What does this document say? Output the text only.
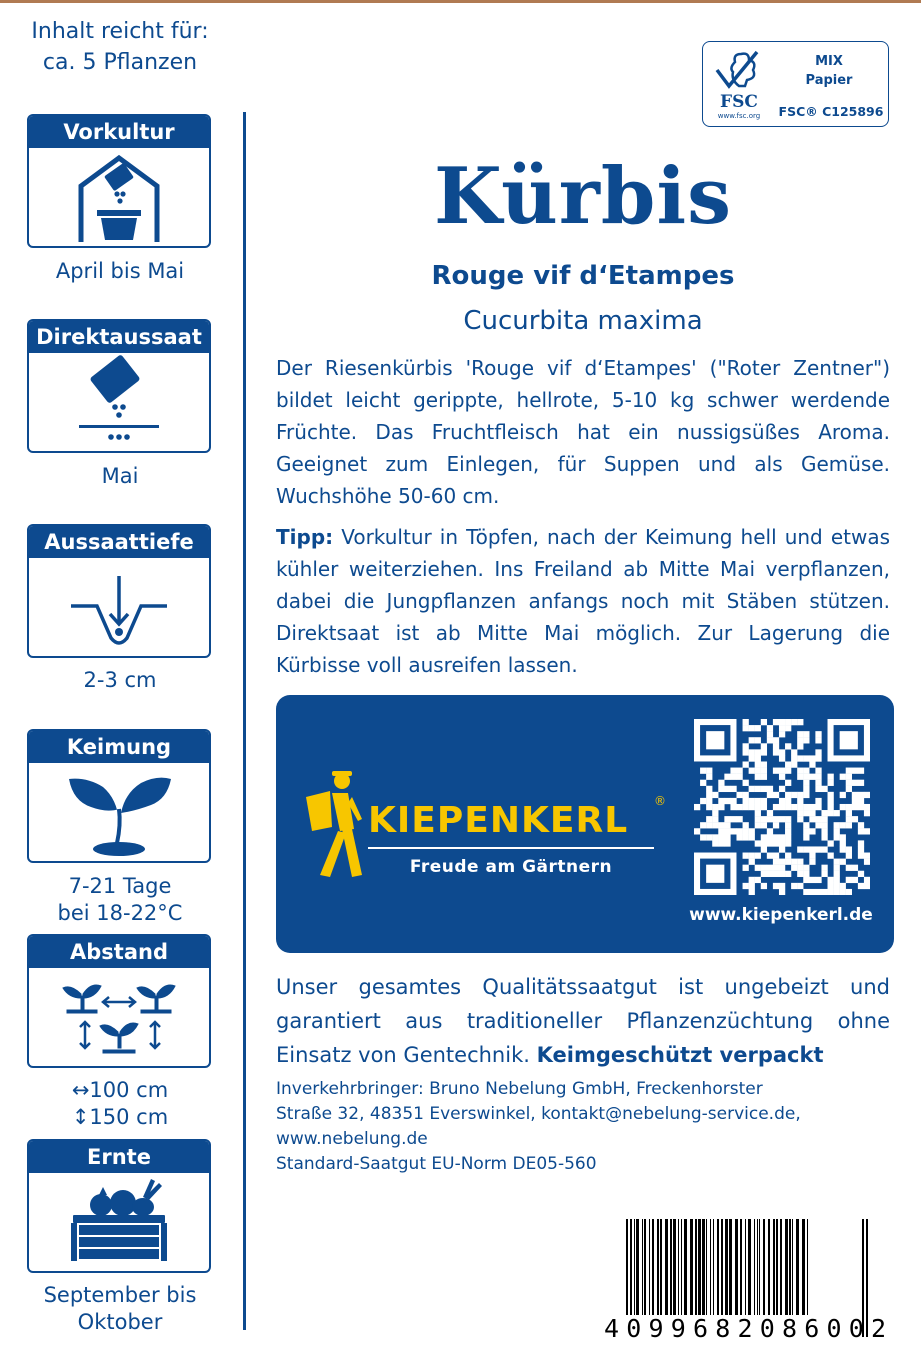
Inhalt reicht für:
ca. 5 Pflanzen
Vorkultur
April bis Mai
Direktaussaat
Mai
Aussaattiefe
2-3 cm
Keimung
7-21 Tage
bei 18-22°C
Abstand
↔100 cm
↕150 cm
Ernte
September bis
Oktober
FSC
www.fsc.org
MIX
Papier
FSC® C125896
Kürbis
Rouge vif d‘Etampes
Cucurbita maxima

Der Riesenkürbis 'Rouge vif d‘Etampes' ("Roter Zentner") bildet leicht gerippte, hellrote, 5-10 kg schwer werdende Früchte. Das Fruchtfleisch hat ein nussigsüßes Aroma. Geeignet zum Einlegen, für Suppen und als Gemüse. Wuchshöhe 50-60 cm.

Tipp: Vorkultur in Töpfen, nach der Keimung hell und etwas kühler weiterziehen. Ins Freiland ab Mitte Mai verpflanzen, dabei die Jungpflanzen anfangs noch mit Stäben stützen. Direktsaat ist ab Mitte Mai möglich. Zur Lagerung die Kürbisse voll ausreifen lassen.

KIEPENKERL ®
Freude am Gärtnern
www.kiepenkerl.de

Unser gesamtes Qualitätssaatgut ist ungebeizt und garantiert aus traditioneller Pflanzenzüchtung ohne Einsatz von Gentechnik. Keimgeschützt verpackt

Inverkehrbringer: Bruno Nebelung GmbH, Freckenhorster
Straße 32, 48351 Everswinkel, kontakt@nebelung-service.de,
www.nebelung.de
Standard-Saatgut EU-Norm DE05-560
4099682086002
